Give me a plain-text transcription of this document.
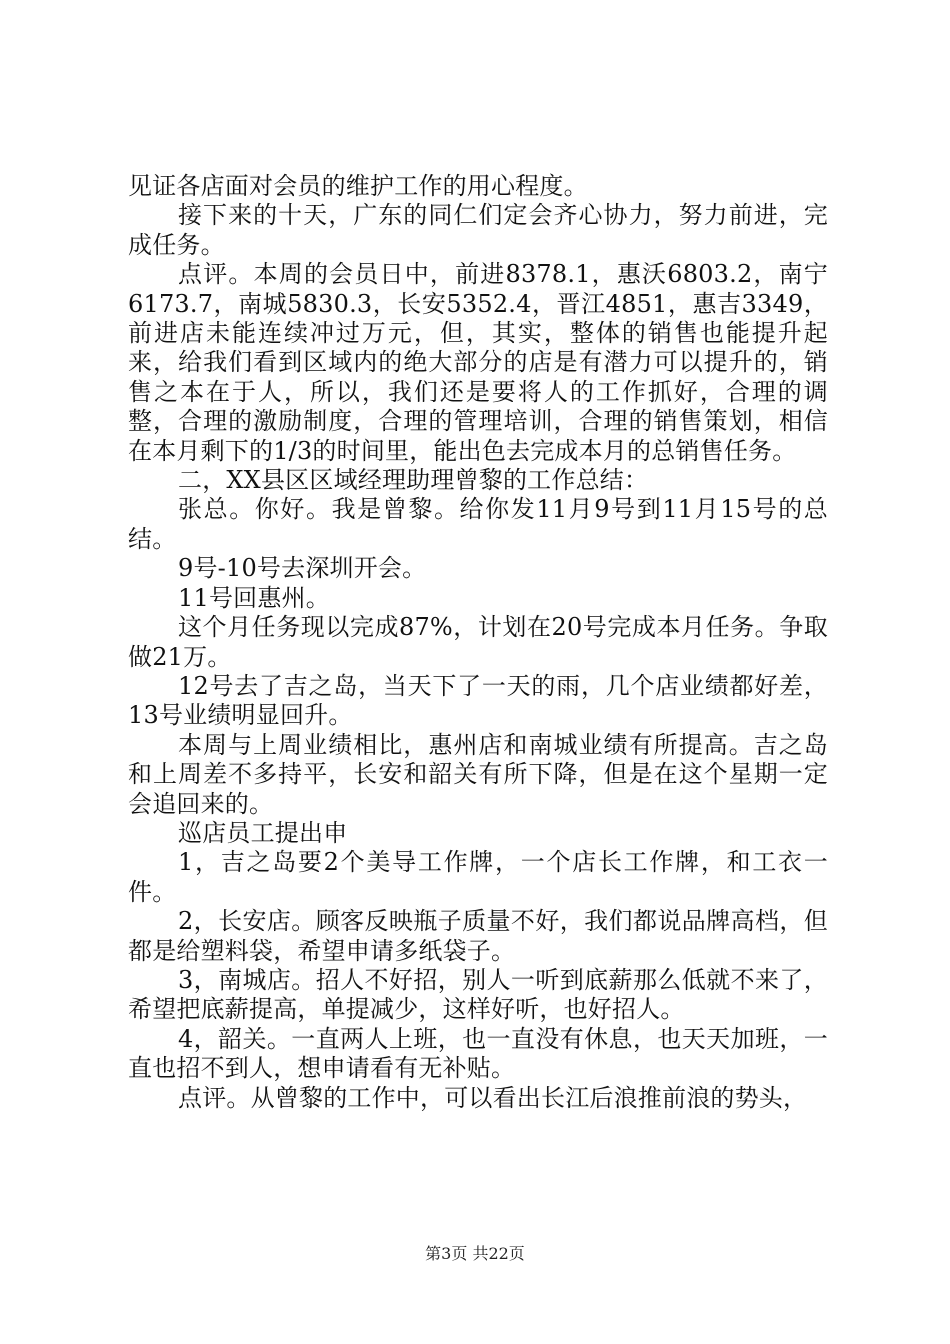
见证各店面对会员的维护工作的用心程度。

接下来的十天，广东的同仁们定会齐心协力，努力前进，完成任务。

点评。本周的会员日中，前进8378.1，惠沃6803.2，南宁6173.7，南城5830.3，长安5352.4，晋江4851，惠吉3349，前进店未能连续冲过万元，但，其实，整体的销售也能提升起来，给我们看到区域内的绝大部分的店是有潜力可以提升的，销售之本在于人，所以，我们还是要将人的工作抓好，合理的调整，合理的激励制度，合理的管理培训，合理的销售策划，相信在本月剩下的1/3的时间里，能出色去完成本月的总销售任务。

二，XX县区区域经理助理曾黎的工作总结：

张总。你好。我是曾黎。给你发11月9号到11月15号的总结。

9号-10号去深圳开会。

11号回惠州。

这个月任务现以完成87%，计划在20号完成本月任务。争取做21万。

12号去了吉之岛，当天下了一天的雨，几个店业绩都好差，13号业绩明显回升。

本周与上周业绩相比，惠州店和南城业绩有所提高。吉之岛和上周差不多持平，长安和韶关有所下降，但是在这个星期一定会追回来的。

巡店员工提出申

1，吉之岛要2个美导工作牌，一个店长工作牌，和工衣一件。

2，长安店。顾客反映瓶子质量不好，我们都说品牌高档，但都是给塑料袋，希望申请多纸袋子。

3，南城店。招人不好招，别人一听到底薪那么低就不来了，希望把底薪提高，单提减少，这样好听，也好招人。

4，韶关。一直两人上班，也一直没有休息，也天天加班，一直也招不到人，想申请看有无补贴。

点评。从曾黎的工作中，可以看出长江后浪推前浪的势头，

第3页 共22页
